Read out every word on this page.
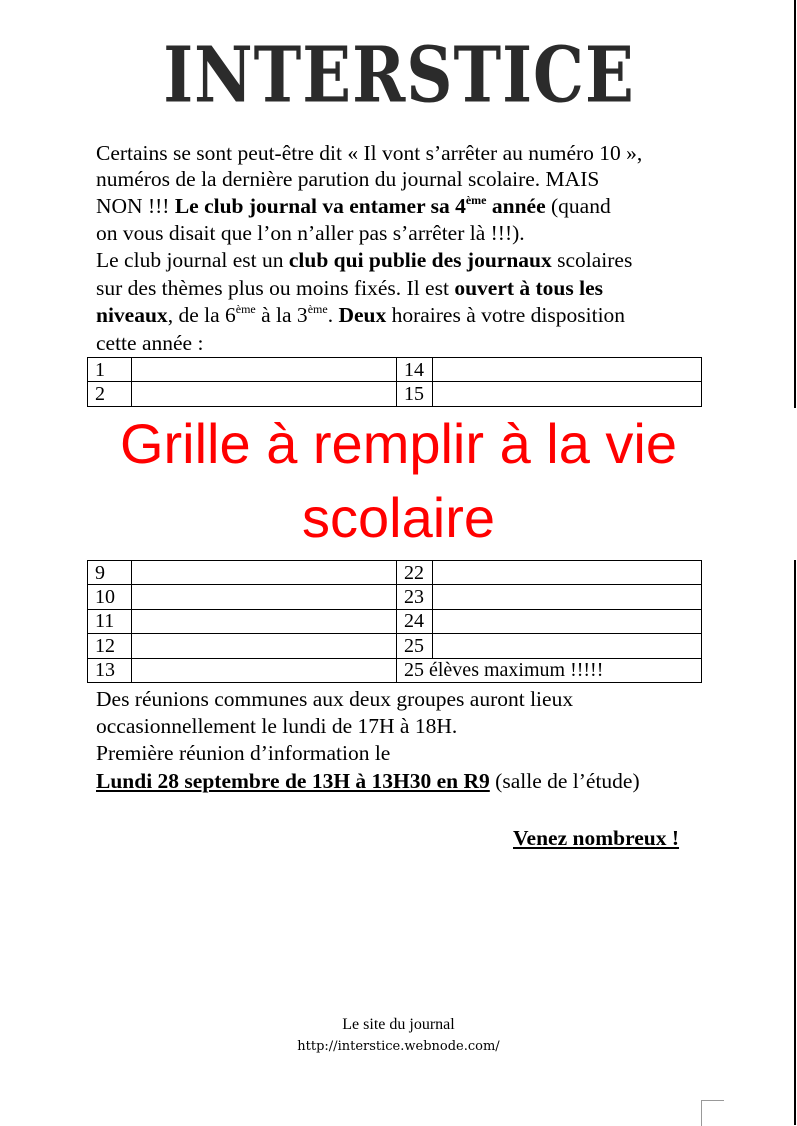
INTERSTICE
Certains se sont peut-être dit « Il vont s’arrêter au numéro 10 »,
numéros de la dernière parution du journal scolaire. MAIS
NON !!! Le club journal va entamer sa 4ème année (quand
on vous disait que l’on n’aller pas s’arrêter là !!!).
Le club journal est un club qui publie des journaux scolaires
sur des thèmes plus ou moins fixés. Il est ouvert à tous les
niveaux, de la 6ème à la 3ème. Deux horaires à votre disposition
cette année :
1		14	
2		15	
9		22	
10		23	
11		24	
12		25	
13		25 élèves maximum !!!!!	
Grille à remplir à la vie
scolaire
Des réunions communes aux deux groupes auront lieux
occasionnellement le lundi de 17H à 18H.
Première réunion d’information le
Lundi 28 septembre de 13H à 13H30 en R9 (salle de l’étude)
Venez nombreux !
Le site du journal
http://interstice.webnode.com/
